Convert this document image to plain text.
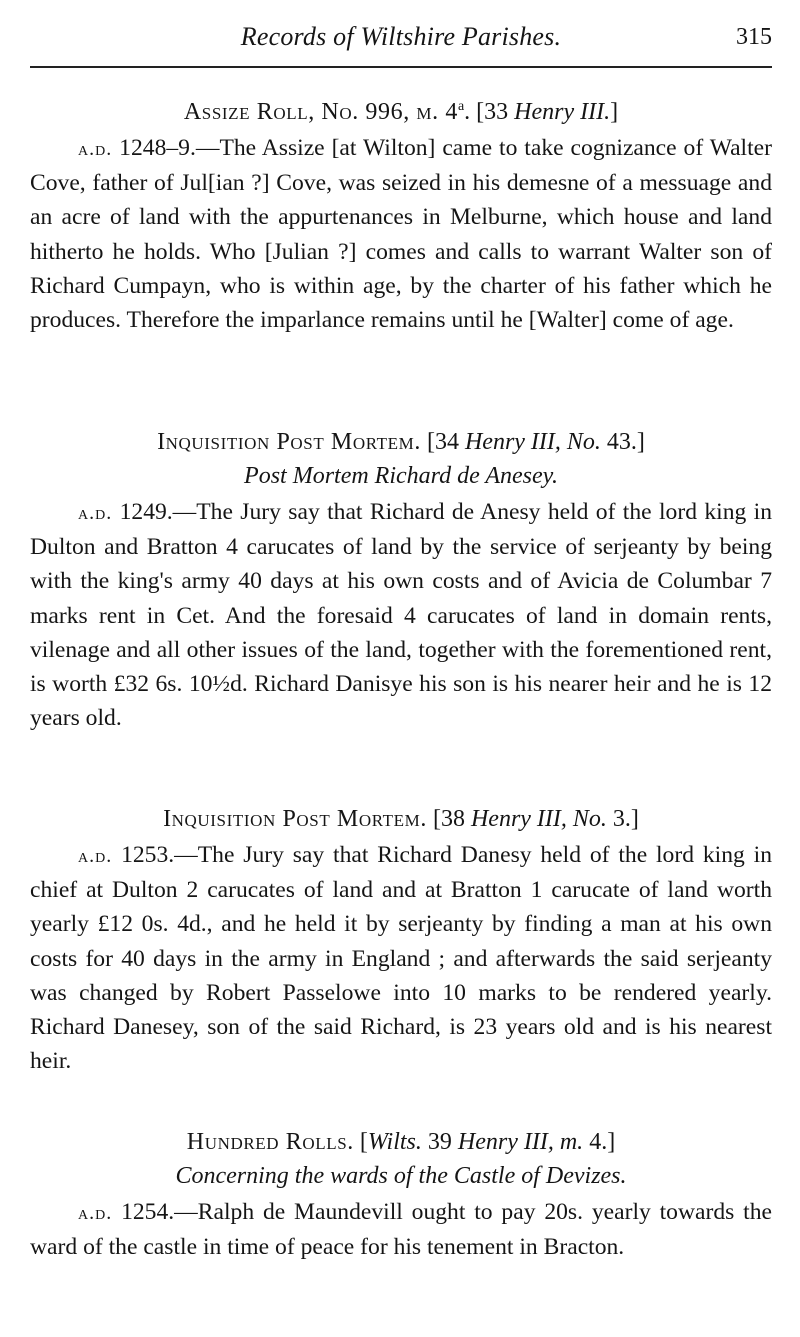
Records of Wiltshire Parishes.	315
Assize Roll, No. 996, m. 4$^a$. [33 Henry III.]
a.d. 1248–9.—The Assize [at Wilton] came to take cognizance of Walter Cove, father of Jul[ian ?] Cove, was seized in his demesne of a messuage and an acre of land with the appurtenances in Melburne, which house and land hitherto he holds. Who [Julian ?] comes and calls to warrant Walter son of Richard Cumpayn, who is within age, by the charter of his father which he produces. Therefore the imparlance remains until he [Walter] come of age.
Inquisition Post Mortem. [34 Henry III, No. 43.]
Post Mortem Richard de Anesey.
a.d. 1249.—The Jury say that Richard de Anesy held of the lord king in Dulton and Bratton 4 carucates of land by the service of serjeanty by being with the king's army 40 days at his own costs and of Avicia de Columbar 7 marks rent in Cet. And the foresaid 4 carucates of land in domain rents, vilenage and all other issues of the land, together with the forementioned rent, is worth £32 6s. 10½d. Richard Danisye his son is his nearer heir and he is 12 years old.
Inquisition Post Mortem. [38 Henry III, No. 3.]
a.d. 1253.—The Jury say that Richard Danesy held of the lord king in chief at Dulton 2 carucates of land and at Bratton 1 carucate of land worth yearly £12 0s. 4d., and he held it by serjeanty by finding a man at his own costs for 40 days in the army in England ; and afterwards the said serjeanty was changed by Robert Passelowe into 10 marks to be rendered yearly. Richard Danesey, son of the said Richard, is 23 years old and is his nearest heir.
Hundred Rolls. [Wilts. 39 Henry III, m. 4.]
Concerning the wards of the Castle of Devizes.
a.d. 1254.—Ralph de Maundevill ought to pay 20s. yearly towards the ward of the castle in time of peace for his tenement in Bracton.
